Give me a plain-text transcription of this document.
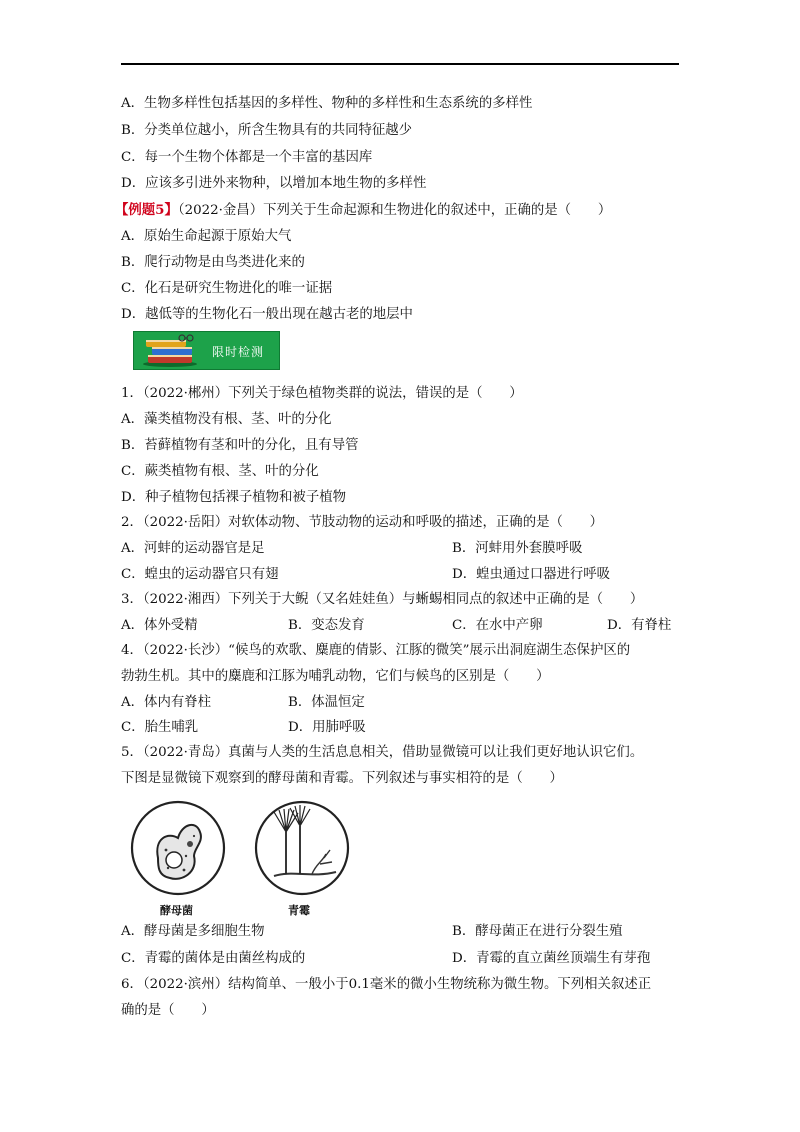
A．生物多样性包括基因的多样性、物种的多样性和生态系统的多样性
B．分类单位越小，所含生物具有的共同特征越少
C．每一个生物个体都是一个丰富的基因库
D．应该多引进外来物种，以增加本地生物的多样性
【例题5】（2022·金昌）下列关于生命起源和生物进化的叙述中，正确的是（　　）
A．原始生命起源于原始大气
B．爬行动物是由鸟类进化来的
C．化石是研究生物进化的唯一证据
D．越低等的生物化石一般出现在越古老的地层中
限时检测
1．（2022·郴州）下列关于绿色植物类群的说法，错误的是（　　）
A．藻类植物没有根、茎、叶的分化
B．苔藓植物有茎和叶的分化，且有导管
C．蕨类植物有根、茎、叶的分化
D．种子植物包括裸子植物和被子植物
2．（2022·岳阳）对软体动物、节肢动物的运动和呼吸的描述，正确的是（　　）
A．河蚌的运动器官是足	B．河蚌用外套膜呼吸
C．蝗虫的运动器官只有翅	D．蝗虫通过口器进行呼吸
3．（2022·湘西）下列关于大鲵（又名娃娃鱼）与蜥蜴相同点的叙述中正确的是（　　）
A．体外受精	B．变态发育	C．在水中产卵	D．有脊柱
4．（2022·长沙）“候鸟的欢歌、麋鹿的倩影、江豚的微笑”展示出洞庭湖生态保护区的
勃勃生机。其中的麋鹿和江豚为哺乳动物，它们与候鸟的区别是（　　）
A．体内有脊柱	B．体温恒定
C．胎生哺乳	D．用肺呼吸
5．（2022·青岛）真菌与人类的生活息息相关，借助显微镜可以让我们更好地认识它们。
下图是显微镜下观察到的酵母菌和青霉。下列叙述与事实相符的是（　　）
酵母菌	青霉
A．酵母菌是多细胞生物	B．酵母菌正在进行分裂生殖
C．青霉的菌体是由菌丝构成的	D．青霉的直立菌丝顶端生有芽孢
6．（2022·滨州）结构简单、一般小于0.1毫米的微小生物统称为微生物。下列相关叙述正
确的是（　　）
